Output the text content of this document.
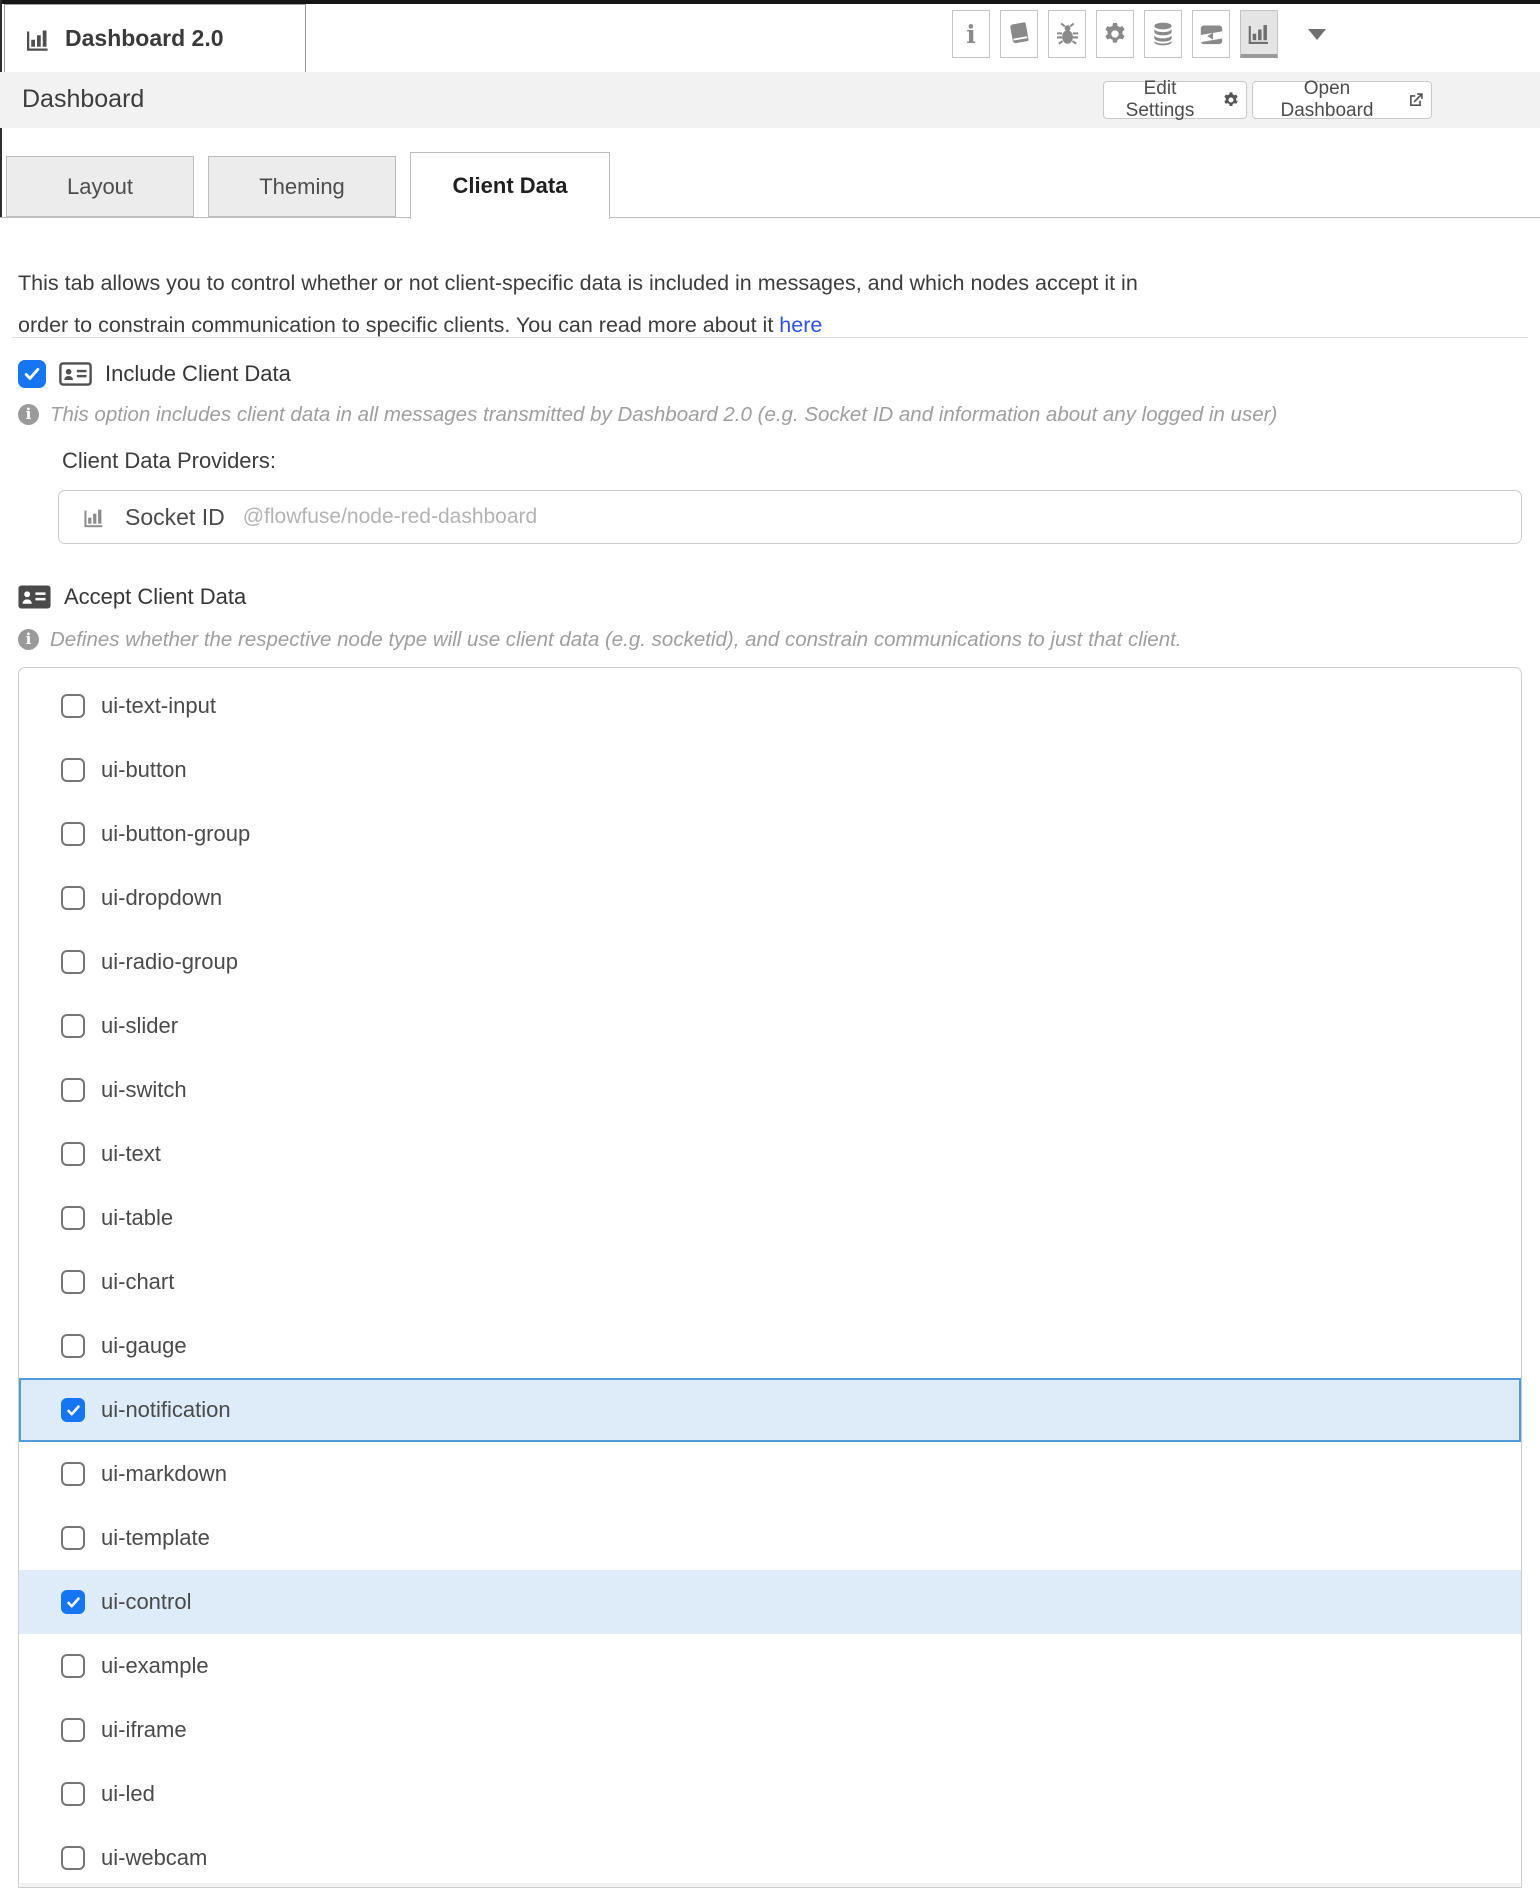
Dashboard 2.0	i
Dashboard	Edit Settings
Open Dashboard
Layout	Theming	Client Data

This tab allows you to control whether or not client-specific data is included in messages, and which nodes accept it in
order to constrain communication to specific clients. You can read more about it here

Include Client Data
i This option includes client data in all messages transmitted by Dashboard 2.0 (e.g. Socket ID and information about any logged in user)
Client Data Providers:
Socket ID @flowfuse/node-red-dashboard
Accept Client Data
i Defines whether the respective node type will use client data (e.g. socketid), and constrain communications to just that client.
ui-text-input
ui-button
ui-button-group
ui-dropdown
ui-radio-group
ui-slider
ui-switch
ui-text
ui-table
ui-chart
ui-gauge
ui-notification
ui-markdown
ui-template
ui-control
ui-example
ui-iframe
ui-led
ui-webcam
